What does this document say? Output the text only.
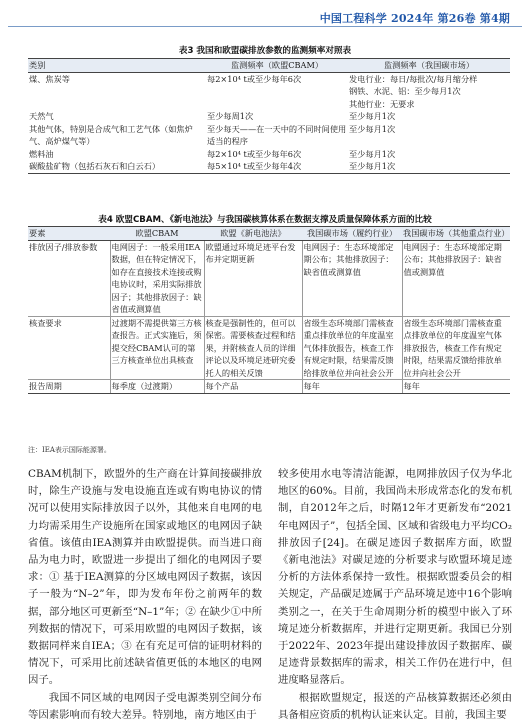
中国工程科学 2024年 第26卷 第4期
表3 我国和欧盟碳排放参数的监测频率对照表
类别	监测频率（欧盟CBAM）	监测频率（我国碳市场）
煤、焦炭等	每2×10⁴ t或至少每年6次	发电行业：每日/每批次/每月缩分样
		钢铁、水泥、铝：至少每月1次
		其他行业：无要求
天然气	至少每周1次	至少每月1次
其他气体，特别是合成气和工艺气体（如焦炉气、高炉煤气等）	至少每天——在一天中的不同时间使用适当的程序	至少每月1次
燃料油	每2×10⁴ t或至少每年6次	至少每月1次
碳酸盐矿物（包括石灰石和白云石）	每5×10⁴ t或至少每年4次	至少每月1次
表4 欧盟CBAM、《新电池法》与我国碳核算体系在数据支撑及质量保障体系方面的比较
要素	欧盟CBAM	欧盟《新电池法》	我国碳市场（履约行业）	我国碳市场（其他重点行业）
排放因子/排放参数	电网因子：一般采用IEA数据，但在特定情况下，如存在直接技术连接或购电协议时，采用实际排放因子；其他排放因子：缺省值或测算值	欧盟通过环境足迹平台发布并定期更新	电网因子：生态环境部定期公布；其他排放因子：缺省值或测算值	电网因子：生态环境部定期公布；其他排放因子：缺省值或测算值
核查要求	过渡期不需提供第三方核查报告。正式实施后，须提交经CBAM认可的第三方核查单位出具核查	核查是强制性的，但可以保密。需要核查过程和结果，并附核查人员的详细评论以及环境足迹研究委托人的相关反馈	省级生态环境部门需核查重点排放单位的年度温室气体排放报告，核查工作有规定时限，结果需反馈给排放单位并向社会公开	省级生态环境部门需核查重点排放单位的年度温室气体排放报告，核查工作有规定时限，结果需反馈给排放单位并向社会公开
报告周期	每季度（过渡期）	每个产品	每年	每年
注：IEA表示国际能源署。

CBAM机制下，欧盟外的生产商在计算间接碳排放时，除生产设施与发电设施直连或有购电协议的情况可以使用实际排放因子以外，其他来自电网的电力均需采用生产设施所在国家或地区的电网因子缺省值。该值由IEA测算并由欧盟提供。而当进口商品为电力时，欧盟进一步提出了细化的电网因子要求：① 基于IEA测算的分区域电网因子数据，该因子一般为“N–2”年，即为发布年份之前两年的数据，部分地区可更新至“N–1”年；② 在缺少①中所列数据的情况下，可采用欧盟的电网因子数据，该数据同样来自IEA；③ 在有充足可信的证明材料的情况下，可采用比前述缺省值更低的本地区的电网因子。

我国不同区域的电网因子受电源类别空间分布等因素影响而有较大差异。特别地，南方地区由于

较多使用水电等清洁能源，电网排放因子仅为华北地区的60%。目前，我国尚未形成常态化的发布机制，自2012年之后，时隔12年才更新发布“2021年电网因子”，包括全国、区域和省级电力平均CO₂排放因子[24]。在碳足迹因子数据库方面，欧盟《新电池法》对碳足迹的分析要求与欧盟环境足迹分析的方法体系保持一致性。根据欧盟委员会的相关规定，产品碳足迹属于产品环境足迹中16个影响类别之一，在关于生命周期分析的模型中嵌入了环境足迹分析数据库，并进行定期更新。我国已分别于2022年、2023年提出建设排放因子数据库、碳足迹背景数据库的需求，相关工作仍在进行中，但进度略显落后。

根据欧盟规定，报送的产品核算数据还必须由具备相应资质的机构认证来认定。目前，我国主要
